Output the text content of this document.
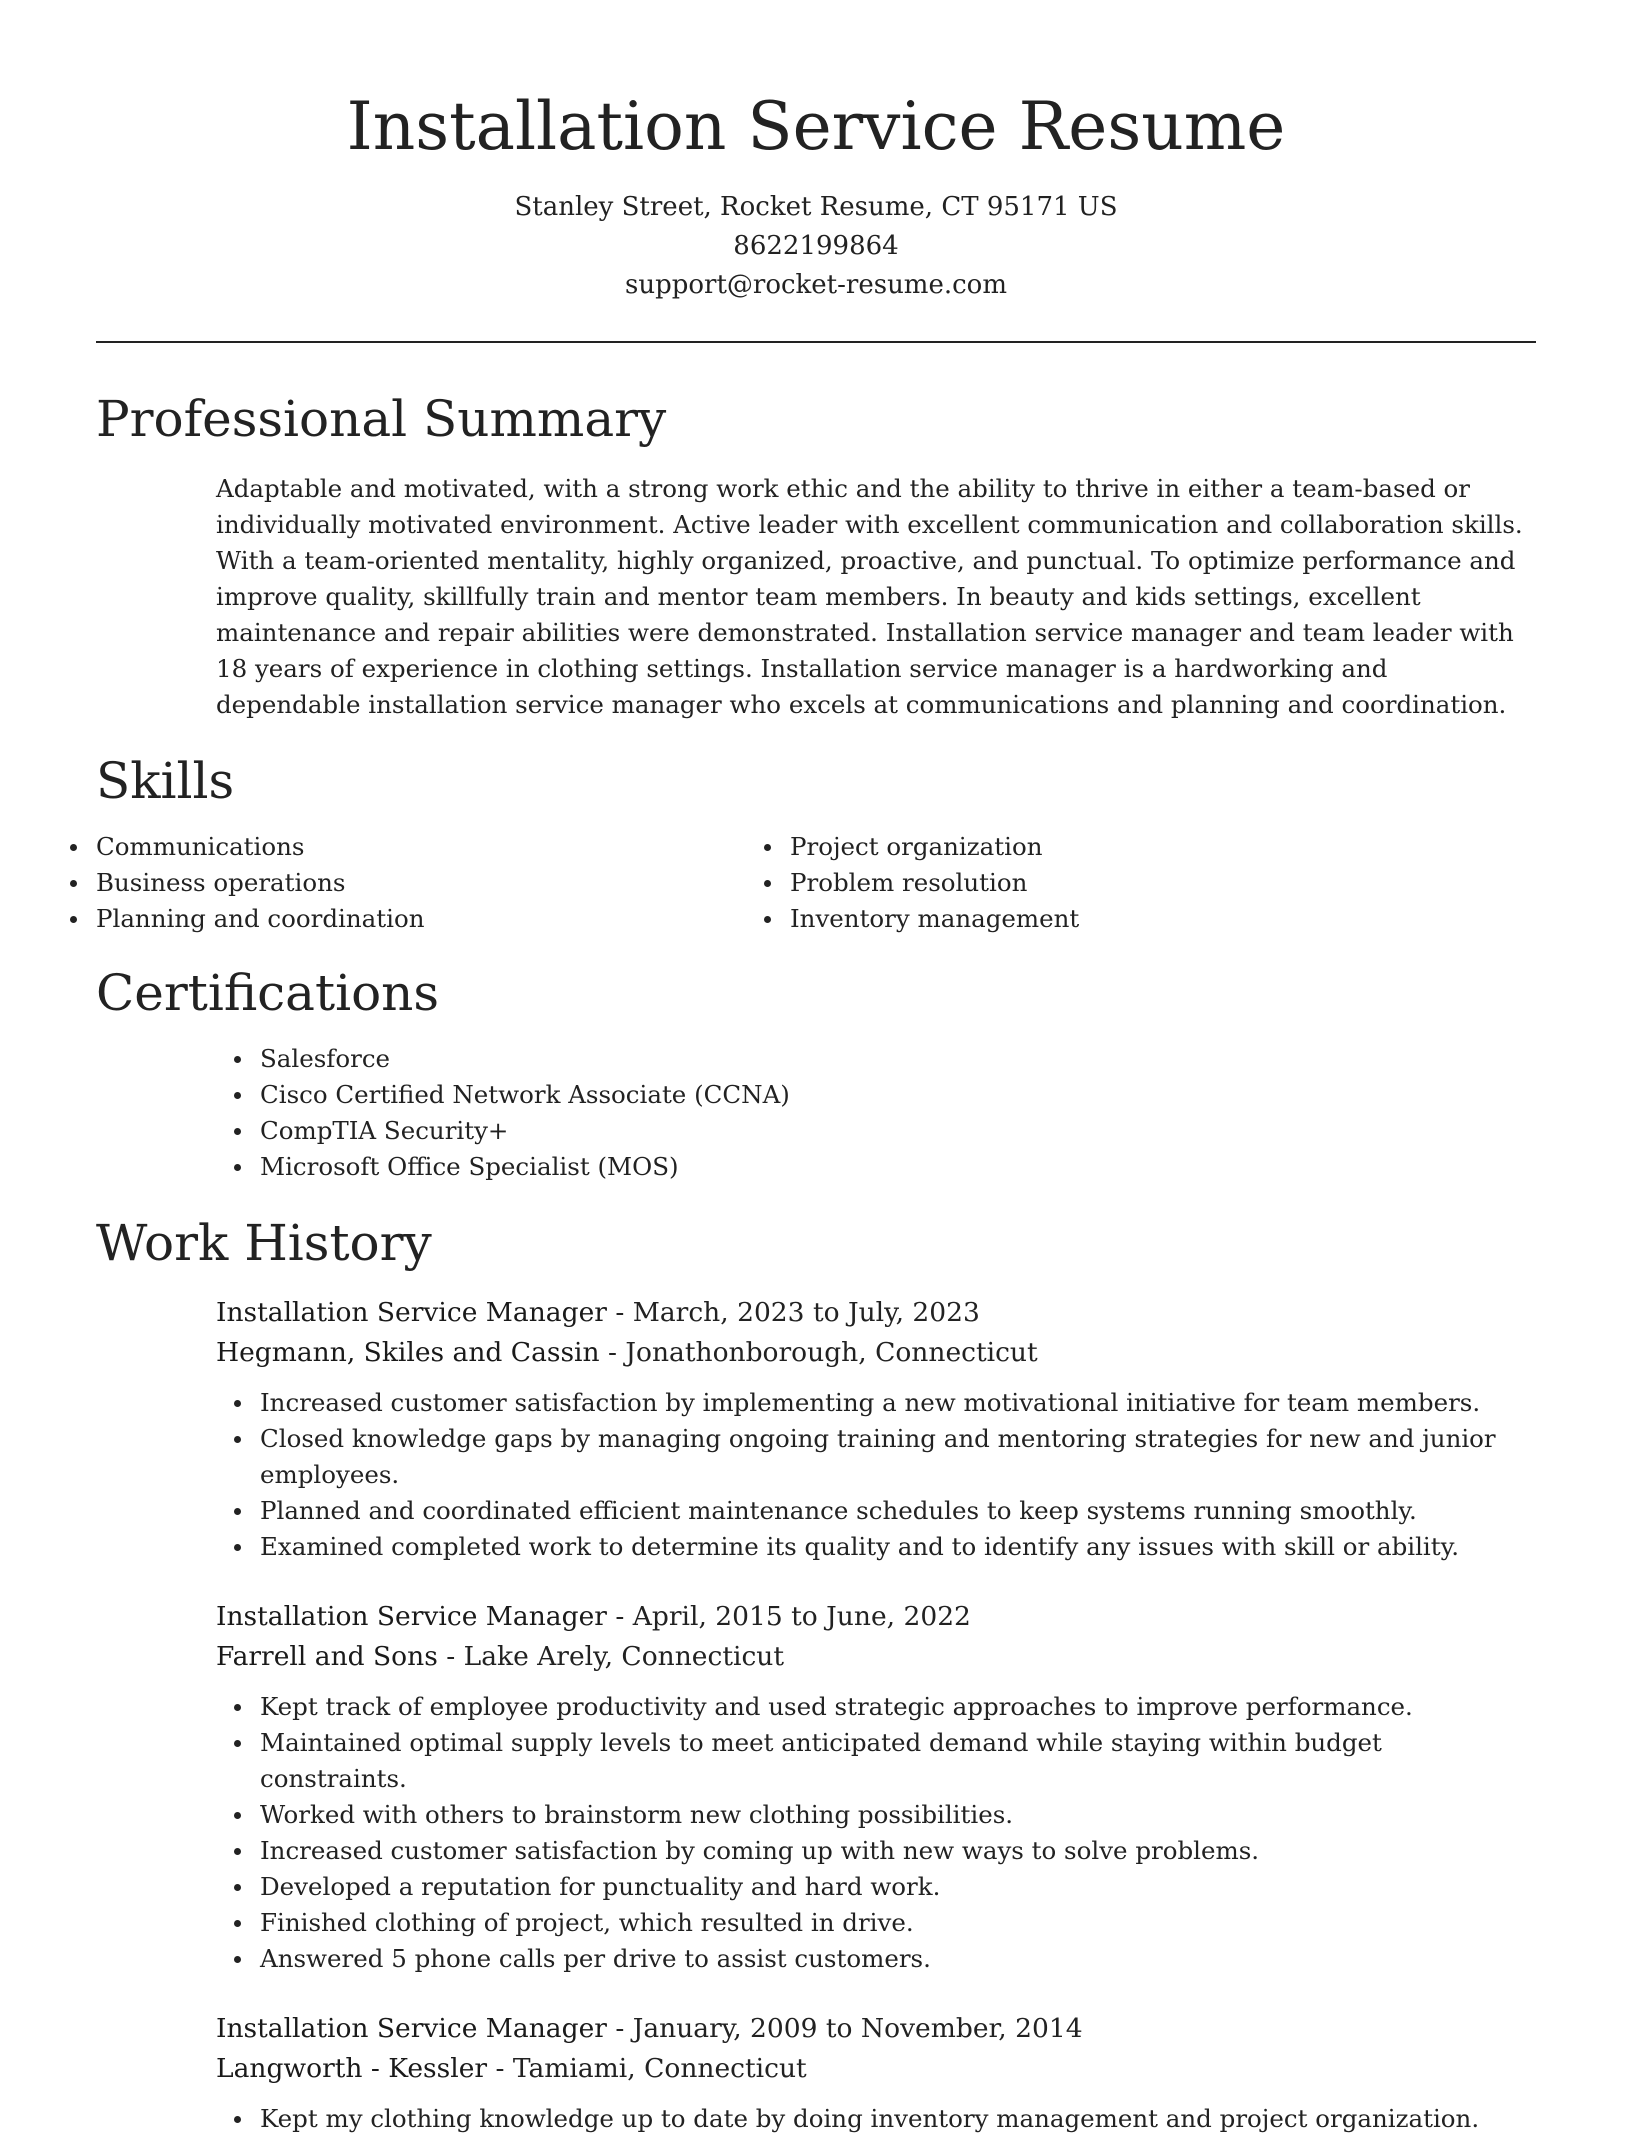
Installation Service Resume
Stanley Street, Rocket Resume, CT 95171 US
8622199864
support@rocket-resume.com
Professional Summary

Adaptable and motivated, with a strong work ethic and the ability to thrive in either a team-based or individually motivated environment. Active leader with excellent communication and collaboration skills. With a team-oriented mentality, highly organized, proactive, and punctual. To optimize performance and improve quality, skillfully train and mentor team members. In beauty and kids settings, excellent maintenance and repair abilities were demonstrated. Installation service manager and team leader with 18 years of experience in clothing settings. Installation service manager is a hardworking and dependable installation service manager who excels at communications and planning and coordination.

Skills
Communications
Business operations
Planning and coordination
Project organization
Problem resolution
Inventory management
Certifications
Salesforce
Cisco Certified Network Associate (CCNA)
CompTIA Security+
Microsoft Office Specialist (MOS)
Work History
Installation Service Manager - March, 2023 to July, 2023
Hegmann, Skiles and Cassin - Jonathonborough, Connecticut
Increased customer satisfaction by implementing a new motivational initiative for team members.
Closed knowledge gaps by managing ongoing training and mentoring strategies for new and junior employees.
Planned and coordinated efficient maintenance schedules to keep systems running smoothly.
Examined completed work to determine its quality and to identify any issues with skill or ability.
Installation Service Manager - April, 2015 to June, 2022
Farrell and Sons - Lake Arely, Connecticut
Kept track of employee productivity and used strategic approaches to improve performance.
Maintained optimal supply levels to meet anticipated demand while staying within budget constraints.
Worked with others to brainstorm new clothing possibilities.
Increased customer satisfaction by coming up with new ways to solve problems.
Developed a reputation for punctuality and hard work.
Finished clothing of project, which resulted in drive.
Answered 5 phone calls per drive to assist customers.
Installation Service Manager - January, 2009 to November, 2014
Langworth - Kessler - Tamiami, Connecticut
Kept my clothing knowledge up to date by doing inventory management and project organization.
